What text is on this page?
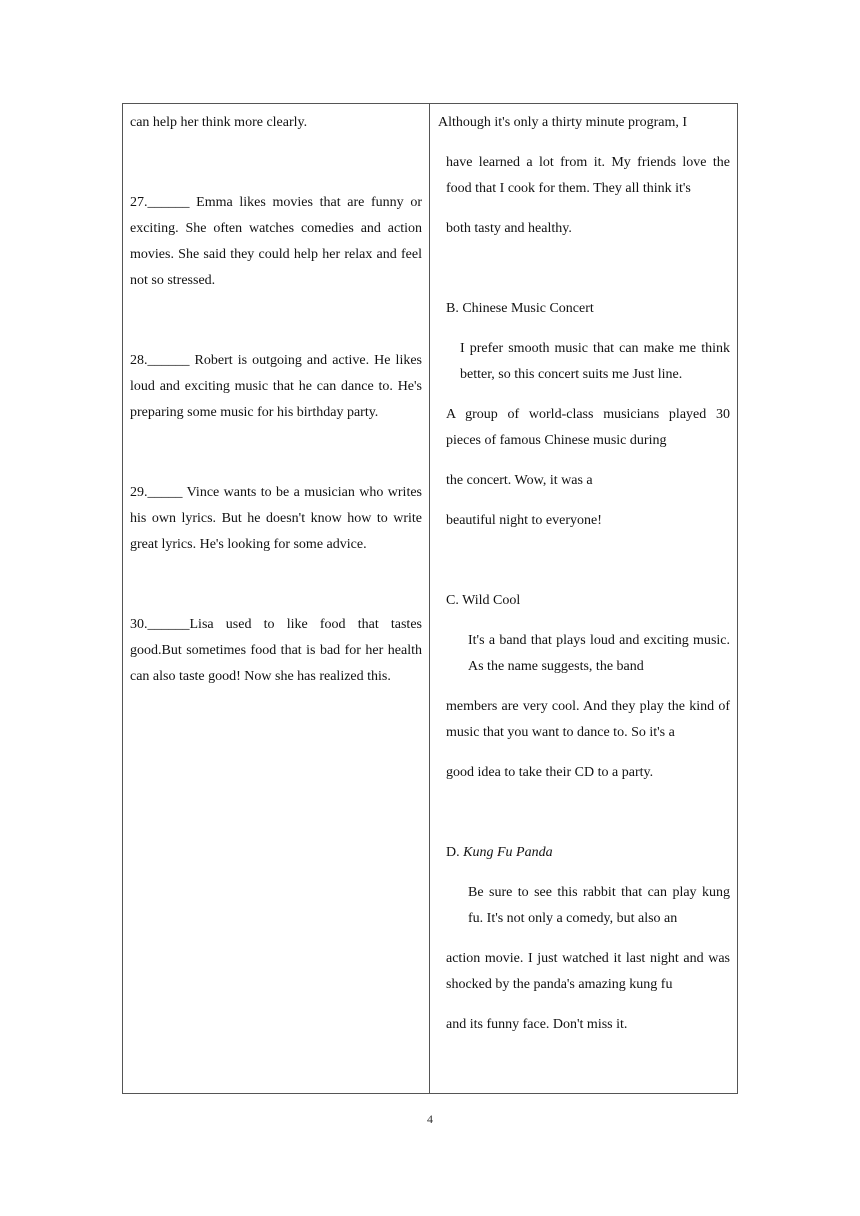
can help her think more clearly.

27.______ Emma likes movies that are funny or exciting. She often watches comedies and action movies. She said they could help her relax and feel not so stressed.

28.______ Robert is outgoing and active. He likes loud and exciting music that he can dance to. He's preparing some music for his birthday party.

29._____ Vince wants to be a musician who writes his own lyrics. But he doesn't know how to write great lyrics. He's looking for some advice.

30.______Lisa used to like food that tastes good.But sometimes food that is bad for her health can also taste good! Now she has realized this.

Although it's only a thirty minute program, I

have learned a lot from it. My friends love the food that I cook for them. They all think it's

both tasty and healthy.

B. Chinese Music Concert

I prefer smooth music that can make me think better, so this concert suits me Just line.

A group of world-class musicians played 30 pieces of famous Chinese music during

the concert. Wow, it was a

beautiful night to everyone!

C. Wild Cool

It's a band that plays loud and exciting music. As the name suggests, the band

members are very cool. And they play the kind of music that you want to dance to. So it's a

good idea to take their CD to a party.

D. Kung Fu Panda

Be sure to see this rabbit that can play kung fu. It's not only a comedy, but also an

action movie. I just watched it last night and was shocked by the panda's amazing kung fu

and its funny face. Don't miss it.

4
